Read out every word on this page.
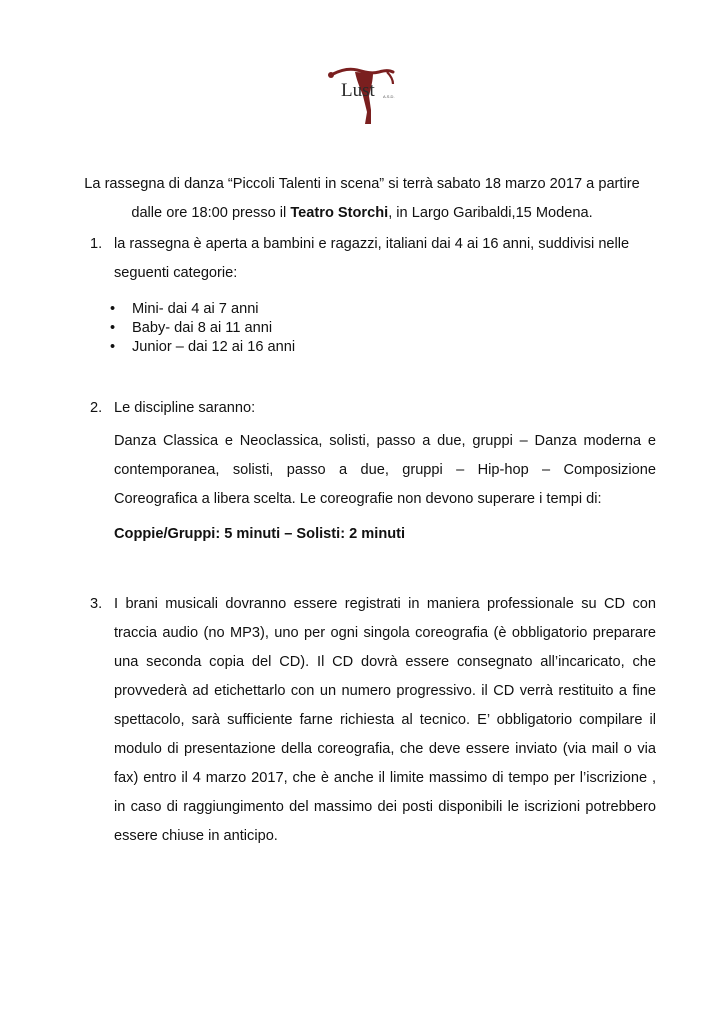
Lust A.S.D.
La rassegna di danza “Piccoli Talenti in scena” si terrà sabato 18 marzo 2017 a partire
dalle ore 18:00 presso il Teatro Storchi, in Largo Garibaldi,15 Modena.
1. la rassegna è aperta a bambini e ragazzi, italiani dai 4 ai 16 anni, suddivisi nelle
seguenti categorie:
• Mini- dai 4 ai 7 anni
• Baby- dai 8 ai 11 anni
• Junior – dai 12 ai 16 anni
2. Le discipline saranno:
Danza Classica e Neoclassica, solisti, passo a due, gruppi – Danza moderna e contemporanea, solisti, passo a due, gruppi – Hip-hop – Composizione Coreografica a libera scelta. Le coreografie non devono superare i tempi di:
Coppie/Gruppi: 5 minuti – Solisti: 2 minuti
3. I brani musicali dovranno essere registrati in maniera professionale su CD con traccia audio (no MP3), uno per ogni singola coreografia (è obbligatorio preparare una seconda copia del CD). Il CD dovrà essere consegnato all’incaricato, che provvederà ad etichettarlo con un numero progressivo. il CD verrà restituito a fine spettacolo, sarà sufficiente farne richiesta al tecnico. E’ obbligatorio compilare il modulo di presentazione della coreografia, che deve essere inviato (via mail o via fax) entro il 4 marzo 2017, che è anche il limite massimo di tempo per l’iscrizione , in caso di raggiungimento del massimo dei posti disponibili le iscrizioni potrebbero essere chiuse in anticipo.
